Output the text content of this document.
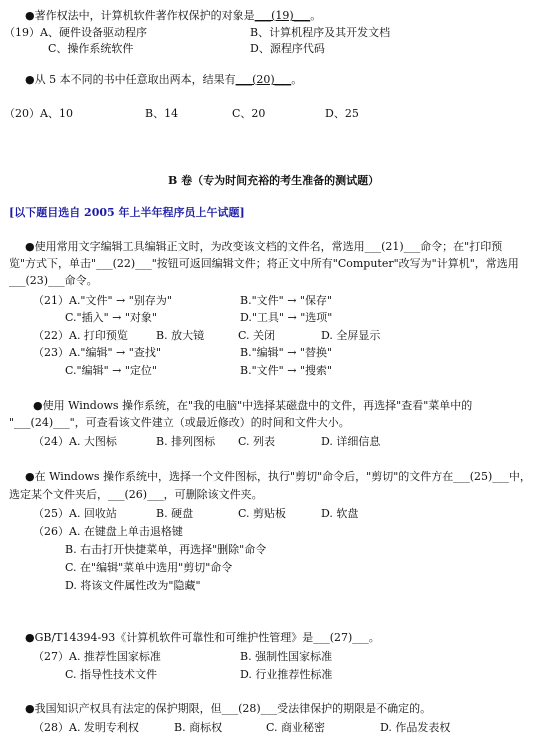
●著作权法中，计算机软件著作权保护的对象是___(19)___。
（19）A、硬件设备驱动程序	B、计算机程序及其开发文档
C、操作系统软件	D、源程序代码
●从 5 本不同的书中任意取出两本，结果有___(20)___。
（20）A、10	B、14	C、20	D、25
B 卷（专为时间充裕的考生准备的测试题）
[以下题目选自 2005 年上半年程序员上午试题]
●使用常用文字编辑工具编辑正文时，为改变该文档的文件名，常选用___(21)___命令；在"打印预
览"方式下，单击"___(22)___"按钮可返回编辑文件；将正文中所有"Computer"改写为"计算机"，常选用
___(23)___命令。
（21）A."文件" → "别存为"	B."文件" → "保存"
C."插入" → "对象"	D."工具" → "选项"
（22）A. 打印预览	B. 放大镜	C. 关闭	D. 全屏显示
（23）A."编辑" → "查找"	B."编辑" → "替换"
C."编辑" → "定位"	B."文件" → "搜索"
●使用 Windows 操作系统，在"我的电脑"中选择某磁盘中的文件，再选择"查看"菜单中的
"___(24)___"，可查看该文件建立（或最近修改）的时间和文件大小。
（24）A. 大图标	B. 排列图标 C. 列表	D. 详细信息
●在 Windows 操作系统中，选择一个文件图标，执行"剪切"命令后，"剪切"的文件方在___(25)___中，
选定某个文件夹后，___(26)___，可删除该文件夹。
（25）A. 回收站	B. 硬盘	C. 剪贴板	D. 软盘
（26）A. 在键盘上单击退格键
B. 右击打开快捷菜单，再选择"删除"命令
C. 在"编辑"菜单中选用"剪切"命令
D. 将该文件属性改为"隐藏"
●GB/T14394-93《计算机软件可靠性和可维护性管理》是___(27)___。
（27）A. 推荐性国家标准	B. 强制性国家标准
C. 指导性技术文件	D. 行业推荐性标准
●我国知识产权具有法定的保护期限，但___(28)___受法律保护的期限是不确定的。
（28）A. 发明专利权	B. 商标权	C. 商业秘密	D. 作品发表权
